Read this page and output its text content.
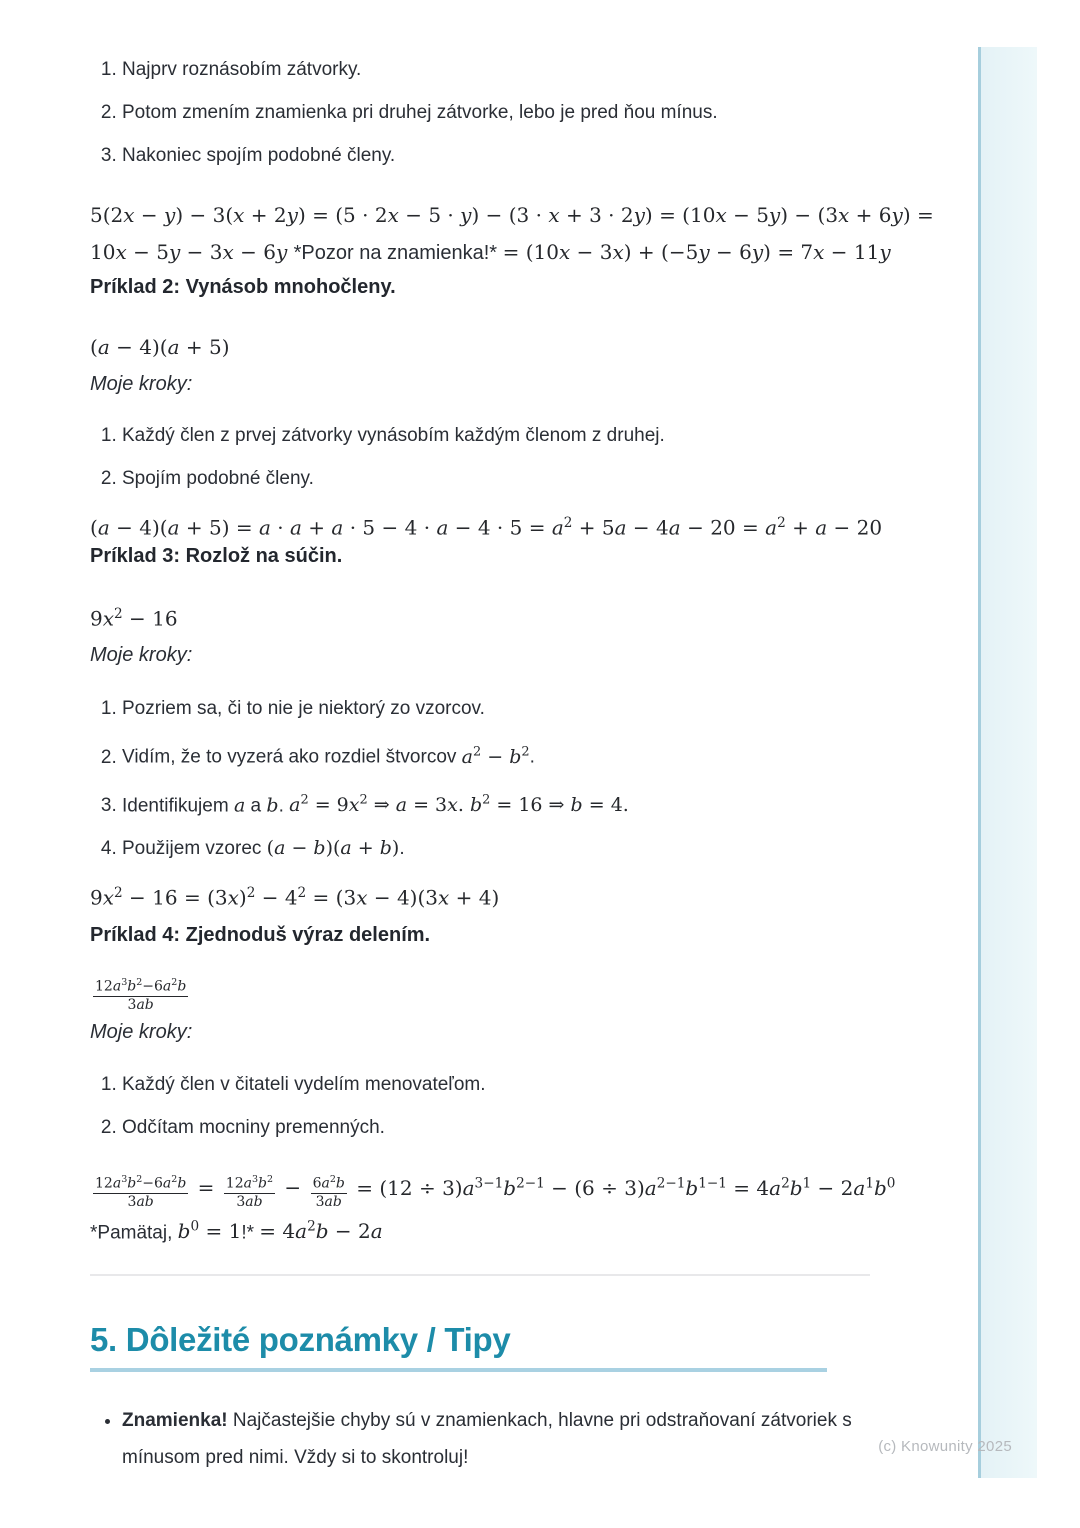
(c) Knowunity 2025
1. Najprv roznásobím zátvorky.
2. Potom zmením znamienka pri druhej zátvorke, lebo je pred ňou mínus.
3. Nakoniec spojím podobné členy.
5(2x − y) − 3(x + 2y) = (5 · 2x − 5 · y) − (3 · x + 3 · 2y) = (10x − 5y) − (3x + 6y) =
10x − 5y − 3x − 6y *Pozor na znamienka!* = (10x − 3x) + (−5y − 6y) = 7x − 11y
Príklad 2: Vynásob mnohočleny.
(a − 4)(a + 5)
Moje kroky:
1. Každý člen z prvej zátvorky vynásobím každým členom z druhej.
2. Spojím podobné členy.
$(a - 4)(a + 5) = a \cdot a + a \cdot 5 - 4 \cdot a - 4 \cdot 5 = a^2 + 5a - 4a - 20 = a^2 + a - 20$
Príklad 3: Rozlož na súčin.
$9x^2 - 16$
Moje kroky:
1. Pozriem sa, či to nie je niektorý zo vzorcov.
2. Vidím, že to vyzerá ako rozdiel štvorcov $a^2 - b^2$.
3. Identifikujem a a b. $a^2 = 9x^2$ ⇒ a = 3x. $b^2 = 16$ ⇒ b = 4.
4. Použijem vzorec (a − b)(a + b).
$9x^2 - 16 = (3x)^2 - 4^2 = (3x - 4)(3x + 4)$
Príklad 4: Zjednoduš výraz delením.
$\frac{12a^3b^2-6a^2b}{3ab}$
Moje kroky:
1. Každý člen v čitateli vydelím menovateľom.
2. Odčítam mocniny premenných.
$\frac{12a^3b^2-6a^2b}{3ab} = \frac{12a^3b^2}{3ab} - \frac{6a^2b}{3ab} = (12 \div 3)a^{3-1}b^{2-1} - (6 \div 3)a^{2-1}b^{1-1} = 4a^2b^1 - 2a^1b^0$
*Pamätaj, $b^0 = 1!* = 4a^2b - 2a$
5. Dôležité poznámky / Tipy
• Znamienka! Najčastejšie chyby sú v znamienkach, hlavne pri odstraňovaní zátvoriek s mínusom pred nimi. Vždy si to skontroluj!
